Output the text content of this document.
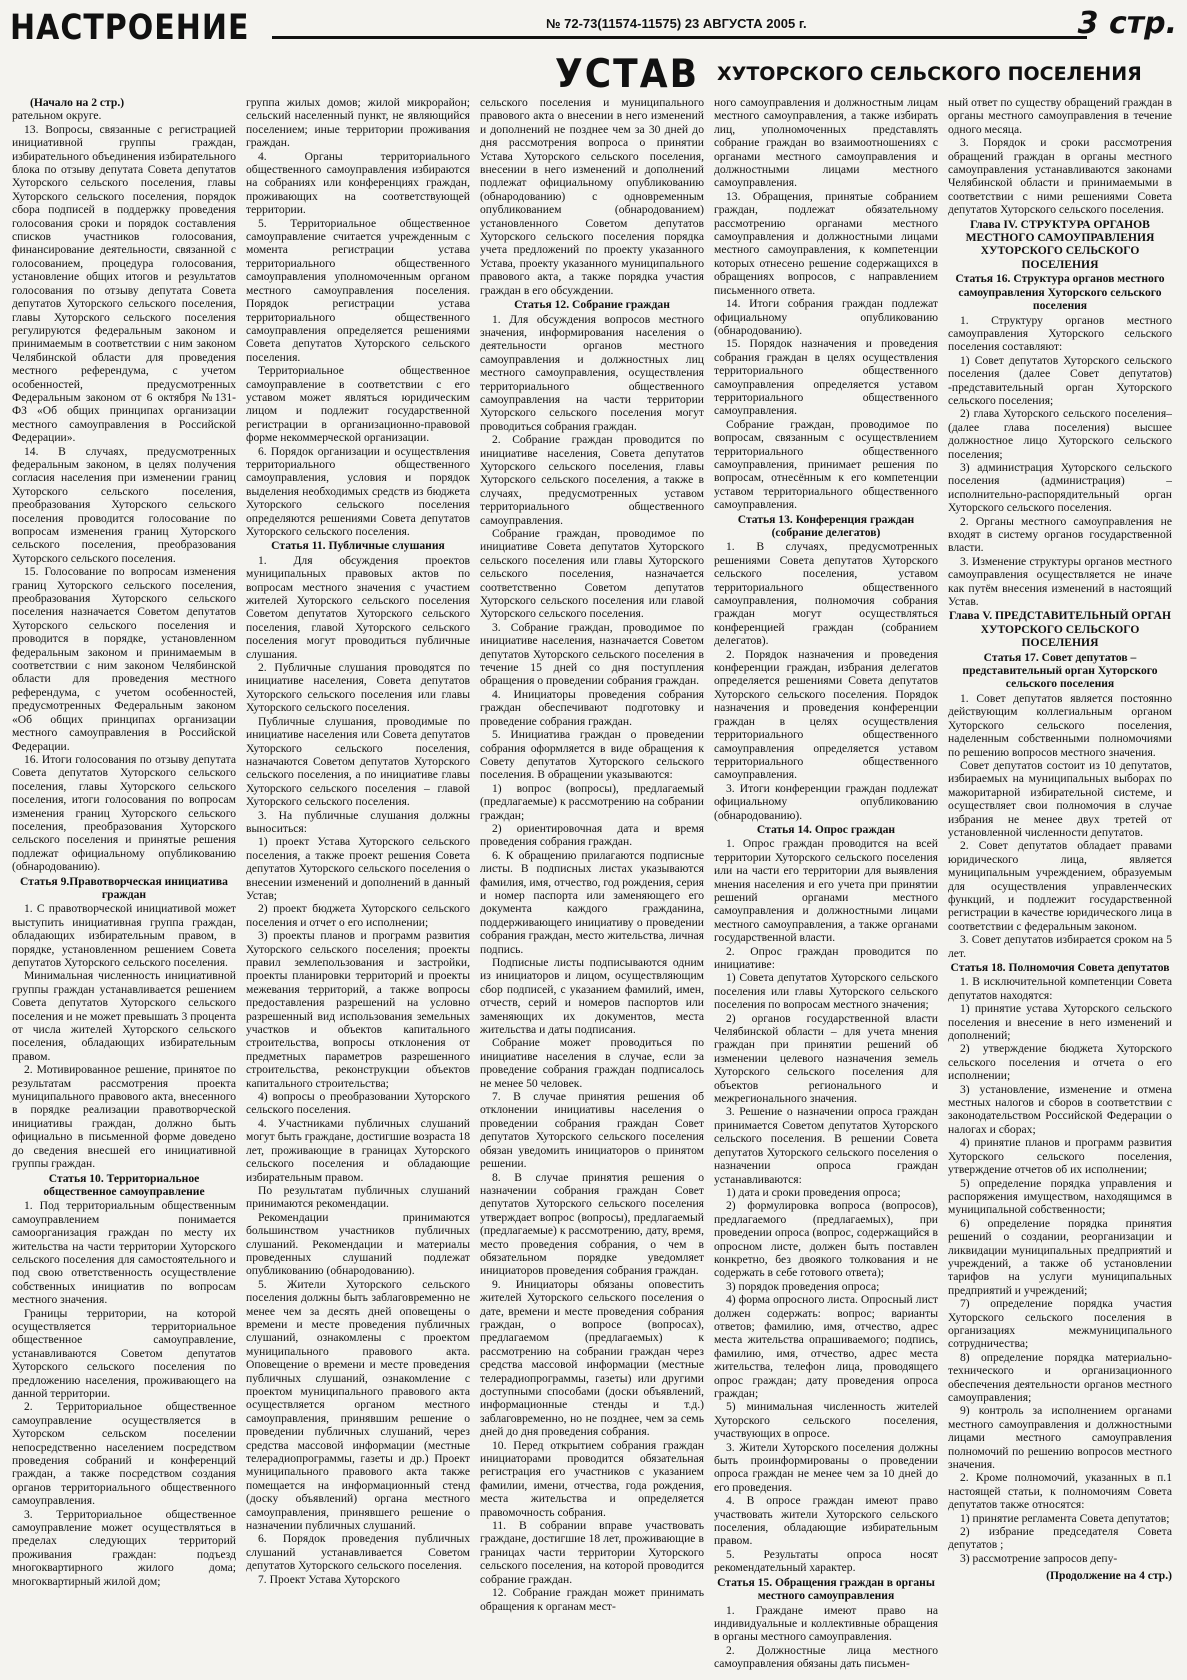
НАСТРОЕНИЕ	№ 72-73(11574-11575) 23 АВГУСТА 2005 г.	3 стр.
УСТАВ ХУТОРСКОГО СЕЛЬСКОГО ПОСЕЛЕНИЯ

(Начало на 2 стр.)

рательном округе.

13. Вопросы, связанные с регистрацией инициативной группы граждан, избирательного объединения избирательного блока по отзыву депутата Совета депутатов Хуторского сельского поселения, главы Хуторского сельского поселения, порядок сбора подписей в поддержку проведения голосования сроки и порядок составления списков участников голосования, финансирование деятельности, связанной с голосованием, процедура голосования, установление общих итогов и результатов голосования по отзыву депутата Совета депутатов Хуторского сельского поселения, главы Хуторского сельского поселения регулируются федеральным законом и принимаемым в соответствии с ним законом Челябинской области для проведения местного референдума, с учетом особенностей, предусмотренных Федеральным законом от 6 октября №131-ФЗ «Об общих принципах организации местного самоуправления в Российской Федерации».

14. В случаях, предусмотренных федеральным законом, в целях получения согласия населения при изменении границ Хуторского сельского поселения, преобразования Хуторского сельского поселения проводится голосование по вопросам изменения границ Хуторского сельского поселения, преобразования Хуторского сельского поселения.

15. Голосование по вопросам изменения границ Хуторского сельского поселения, преобразования Хуторского сельского поселения назначается Советом депутатов Хуторского сельского поселения и проводится в порядке, установленном федеральным законом и принимаемым в соответствии с ним законом Челябинской области для проведения местного референдума, с учетом особенностей, предусмотренных Федеральным законом «Об общих принципах организации местного самоуправления в Российской Федерации.

16. Итоги голосования по отзыву депутата Совета депутатов Хуторского сельского поселения, главы Хуторского сельского поселения, итоги голосования по вопросам изменения границ Хуторского сельского поселения, преобразования Хуторского сельского поселения и принятые решения подлежат официальному опубликованию (обнародованию).

Статья 9.Правотворческая инициатива граждан

1. С правотворческой инициативой может выступить инициативная группа граждан, обладающих избирательным правом, в порядке, установленном решением Совета депутатов Хуторского сельского поселения.

Минимальная численность инициативной группы граждан устанавливается решением Совета депутатов Хуторского сельского поселения и не может превышать 3 процента от числа жителей Хуторского сельского поселения, обладающих избирательным правом.

2. Мотивированное решение, принятое по результатам рассмотрения проекта муниципального правового акта, внесенного в порядке реализации правотворческой инициативы граждан, должно быть официально в письменной форме доведено до сведения внесшей его инициативной группы граждан.

Статья 10. Территориальное общественное самоуправление

1. Под территориальным общественным самоуправлением понимается самоорганизация граждан по месту их жительства на части территории Хуторского сельского поселения для самостоятельного и под свою ответственность осуществление собственных инициатив по вопросам местного значения.

Границы территории, на которой осуществляется территориальное общественное самоуправление, устанавливаются Советом депутатов Хуторского сельского поселения по предложению населения, проживающего на данной территории.

2. Территориальное общественное самоуправление осуществляется в Хуторском сельском поселении непосредственно населением посредством проведения собраний и конференций граждан, а также посредством создания органов территориального общественного самоуправления.

3. Территориальное общественное самоуправление может осуществляться в пределах следующих территорий проживания граждан: подъезд многоквартирного жилого дома; многоквартирный жилой дом;

группа жилых домов; жилой микрорайон; сельский населенный пункт, не являющийся поселением; иные территории проживания граждан.

4. Органы территориального общественного самоуправления избираются на собраниях или конференциях граждан, проживающих на соответствующей территории.

5. Территориальное общественное самоуправление считается учрежденным с момента регистрации устава территориального общественного самоуправления уполномоченным органом местного самоуправления поселения. Порядок регистрации устава территориального общественного самоуправления определяется решениями Совета депутатов Хуторского сельского поселения.

Территориальное общественное самоуправление в соответствии с его уставом может являться юридическим лицом и подлежит государственной регистрации в организационно-правовой форме некоммерческой организации.

6. Порядок организации и осуществления территориального общественного самоуправления, условия и порядок выделения необходимых средств из бюджета Хуторского сельского поселения определяются решениями Совета депутатов Хуторского сельского поселения.

Статья 11. Публичные слушания

1. Для обсуждения проектов муниципальных правовых актов по вопросам местного значения с участием жителей Хуторского сельского поселения Советом депутатов Хуторского сельского поселения, главой Хуторского сельского поселения могут проводиться публичные слушания.

2. Публичные слушания проводятся по инициативе населения, Совета депутатов Хуторского сельского поселения или главы Хуторского сельского поселения.

Публичные слушания, проводимые по инициативе населения или Совета депутатов Хуторского сельского поселения, назначаются Советом депутатов Хуторского сельского поселения, а по инициативе главы Хуторского сельского поселения – главой Хуторского сельского поселения.

3. На публичные слушания должны выноситься:

1) проект Устава Хуторского сельского поселения, а также проект решения Совета депутатов Хуторского сельского поселения о внесении изменений и дополнений в данный Устав;

2) проект бюджета Хуторского сельского поселения и отчет о его исполнении;

3) проекты планов и программ развития Хуторского сельского поселения; проекты правил землепользования и застройки, проекты планировки территорий и проекты межевания территорий, а также вопросы предоставления разрешений на условно разрешенный вид использования земельных участков и объектов капитального строительства, вопросы отклонения от предметных параметров разрешенного строительства, реконструкции объектов капитального строительства;

4) вопросы о преобразовании Хуторского сельского поселения.

4. Участниками публичных слушаний могут быть граждане, достигшие возраста 18 лет, проживающие в границах Хуторского сельского поселения и обладающие избирательным правом.

По результатам публичных слушаний принимаются рекомендации.

Рекомендации принимаются большинством участников публичных слушаний. Рекомендации и материалы проведенных слушаний подлежат опубликованию (обнародованию).

5. Жители Хуторского сельского поселения должны быть заблаговременно не менее чем за десять дней оповещены о времени и месте проведения публичных слушаний, ознакомлены с проектом муниципального правового акта. Оповещение о времени и месте проведения публичных слушаний, ознакомление с проектом муниципального правового акта осуществляется органом местного самоуправления, принявшим решение о проведении публичных слушаний, через средства массовой информации (местные телерадиопрограммы, газеты и др.) Проект муниципального правового акта также помещается на информационный стенд (доску объявлений) органа местного самоуправления, принявшего решение о назначении публичных слушаний.

6. Порядок проведения публичных слушаний устанавливается Советом депутатов Хуторского сельского поселения.

7. Проект Устава Хуторского

сельского поселения и муниципального правового акта о внесении в него изменений и дополнений не позднее чем за 30 дней до дня рассмотрения вопроса о принятии Устава Хуторского сельского поселения, внесении в него изменений и дополнений подлежат официальному опубликованию (обнародованию) с одновременным опубликованием (обнародованием) установленного Советом депутатов Хуторского сельского поселения порядка учета предложений по проекту указанного Устава, проекту указанного муниципального правового акта, а также порядка участия граждан в его обсуждении.

Статья 12. Собрание граждан

1. Для обсуждения вопросов местного значения, информирования населения о деятельности органов местного самоуправления и должностных лиц местного самоуправления, осуществления территориального общественного самоуправления на части территории Хуторского сельского поселения могут проводиться собрания граждан.

2. Собрание граждан проводится по инициативе населения, Совета депутатов Хуторского сельского поселения, главы Хуторского сельского поселения, а также в случаях, предусмотренных уставом территориального общественного самоуправления.

Собрание граждан, проводимое по инициативе Совета депутатов Хуторского сельского поселения или главы Хуторского сельского поселения, назначается соответственно Советом депутатов Хуторского сельского поселения или главой Хуторского сельского поселения.

3. Собрание граждан, проводимое по инициативе населения, назначается Советом депутатов Хуторского сельского поселения в течение 15 дней со дня поступления обращения о проведении собрания граждан.

4. Инициаторы проведения собрания граждан обеспечивают подготовку и проведение собрания граждан.

5. Инициатива граждан о проведении собрания оформляется в виде обращения к Совету депутатов Хуторского сельского поселения. В обращении указываются:

1) вопрос (вопросы), предлагаемый (предлагаемые) к рассмотрению на собрании граждан;

2) ориентировочная дата и время проведения собрания граждан.

6. К обращению прилагаются подписные листы. В подписных листах указываются фамилия, имя, отчество, год рождения, серия и номер паспорта или заменяющего его документа каждого гражданина, поддерживающего инициативу о проведении собрания граждан, место жительства, личная подпись.

Подписные листы подписываются одним из инициаторов и лицом, осуществляющим сбор подписей, с указанием фамилий, имен, отчеств, серий и номеров паспортов или заменяющих их документов, места жительства и даты подписания.

Собрание может проводиться по инициативе населения в случае, если за проведение собрания граждан подписалось не менее 50 человек.

7. В случае принятия решения об отклонении инициативы населения о проведении собрания граждан Совет депутатов Хуторского сельского поселения обязан уведомить инициаторов о принятом решении.

8. В случае принятия решения о назначении собрания граждан Совет депутатов Хуторского сельского поселения утверждает вопрос (вопросы), предлагаемый (предлагаемые) к рассмотрению, дату, время, место проведения собрания, о чем в обязательном порядке уведомляет инициаторов проведения собрания граждан.

9. Инициаторы обязаны оповестить жителей Хуторского сельского поселения о дате, времени и месте проведения собрания граждан, о вопросе (вопросах), предлагаемом (предлагаемых) к рассмотрению на собрании граждан через средства массовой информации (местные телерадиопрограммы, газеты) или другими доступными способами (доски объявлений, информационные стенды и т.д.) заблаговременно, но не позднее, чем за семь дней до дня проведения собрания.

10. Перед открытием собрания граждан инициаторами проводится обязательная регистрация его участников с указанием фамилии, имени, отчества, года рождения, места жительства и определяется правомочность собрания.

11. В собрании вправе участвовать граждане, достигшие 18 лет, проживающие в границах части территории Хуторского сельского поселения, на которой проводится собрание граждан.

12. Собрание граждан может принимать обращения к органам мест-

ного самоуправления и должностным лицам местного самоуправления, а также избирать лиц, уполномоченных представлять собрание граждан во взаимоотношениях с органами местного самоуправления и должностными лицами местного самоуправления.

13. Обращения, принятые собранием граждан, подлежат обязательному рассмотрению органами местного самоуправления и должностными лицами местного самоуправления, к компетенции которых отнесено решение содержащихся в обращениях вопросов, с направлением письменного ответа.

14. Итоги собрания граждан подлежат официальному опубликованию (обнародованию).

15. Порядок назначения и проведения собрания граждан в целях осуществления территориального общественного самоуправления определяется уставом территориального общественного самоуправления.

Собрание граждан, проводимое по вопросам, связанным с осуществлением территориального общественного самоуправления, принимает решения по вопросам, отнесённым к его компетенции уставом территориального общественного самоуправления.

Статья 13. Конференция граждан (собрание делегатов)

1. В случаях, предусмотренных решениями Совета депутатов Хуторского сельского поселения, уставом территориального общественного самоуправления, полномочия собрания граждан могут осуществляться конференцией граждан (собранием делегатов).

2. Порядок назначения и проведения конференции граждан, избрания делегатов определяется решениями Совета депутатов Хуторского сельского поселения. Порядок назначения и проведения конференции граждан в целях осуществления территориального общественного самоуправления определяется уставом территориального общественного самоуправления.

3. Итоги конференции граждан подлежат официальному опубликованию (обнародованию).

Статья 14. Опрос граждан

1. Опрос граждан проводится на всей территории Хуторского сельского поселения или на части его территории для выявления мнения населения и его учета при принятии решений органами местного самоуправления и должностными лицами местного самоуправления, а также органами государственной власти.

2. Опрос граждан проводится по инициативе:

1) Совета депутатов Хуторского сельского поселения или главы Хуторского сельского поселения по вопросам местного значения;

2) органов государственной власти Челябинской области – для учета мнения граждан при принятии решений об изменении целевого назначения земель Хуторского сельского поселения для объектов регионального и межрегионального значения.

3. Решение о назначении опроса граждан принимается Советом депутатов Хуторского сельского поселения. В решении Совета депутатов Хуторского сельского поселения о назначении опроса граждан устанавливаются:

1) дата и сроки проведения опроса;

2) формулировка вопроса (вопросов), предлагаемого (предлагаемых), при проведении опроса (вопрос, содержащийся в опросном листе, должен быть поставлен конкретно, без двоякого толкования и не содержать в себе готового ответа);

3) порядок проведения опроса;

4) форма опросного листа. Опросный лист должен содержать: вопрос; варианты ответов; фамилию, имя, отчество, адрес места жительства опрашиваемого; подпись, фамилию, имя, отчество, адрес места жительства, телефон лица, проводящего опрос граждан; дату проведения опроса граждан;

5) минимальная численность жителей Хуторского сельского поселения, участвующих в опросе.

3. Жители Хуторского поселения должны быть проинформированы о проведении опроса граждан не менее чем за 10 дней до его проведения.

4. В опросе граждан имеют право участвовать жители Хуторского сельского поселения, обладающие избирательным правом.

5. Результаты опроса носят рекомендательный характер.

Статья 15. Обращения граждан в органы местного самоуправления

1. Граждане имеют право на индивидуальные и коллективные обращения в органы местного самоуправления.

2. Должностные лица местного самоуправления обязаны дать письмен-

ный ответ по существу обращений граждан в органы местного самоуправления в течение одного месяца.

3. Порядок и сроки рассмотрения обращений граждан в органы местного самоуправления устанавливаются законами Челябинской области и принимаемыми в соответствии с ними решениями Совета депутатов Хуторского сельского поселения.

Глава IV. СТРУКТУРА ОРГАНОВ МЕСТНОГО САМОУПРАВЛЕНИЯ ХУТОРСКОГО СЕЛЬСКОГО ПОСЕЛЕНИЯ

Статья 16. Структура органов местного самоуправления Хуторского сельского поселения

1. Структуру органов местного самоуправления Хуторского сельского поселения составляют:

1) Совет депутатов Хуторского сельского поселения (далее Совет депутатов) -представительный орган Хуторского сельского поселения;

2) глава Хуторского сельского поселения–(далее глава поселения) высшее должностное лицо Хуторского сельского поселения;

3) администрация Хуторского сельского поселения (администрация) – исполнительно-распорядительный орган Хуторского сельского поселения.

2. Органы местного самоуправления не входят в систему органов государственной власти.

3. Изменение структуры органов местного самоуправления осуществляется не иначе как путём внесения изменений в настоящий Устав.

Глава V. ПРЕДСТАВИТЕЛЬНЫЙ ОРГАН ХУТОРСКОГО СЕЛЬСКОГО ПОСЕЛЕНИЯ

Статья 17. Совет депутатов – представительный орган Хуторского сельского поселения

1. Совет депутатов является постоянно действующим коллегиальным органом Хуторского сельского поселения, наделенным собственными полномочиями по решению вопросов местного значения.

Совет депутатов состоит из 10 депутатов, избираемых на муниципальных выборах по мажоритарной избирательной системе, и осуществляет свои полномочия в случае избрания не менее двух третей от установленной численности депутатов.

2. Совет депутатов обладает правами юридического лица, является муниципальным учреждением, образуемым для осуществления управленческих функций, и подлежит государственной регистрации в качестве юридического лица в соответствии с федеральным законом.

3. Совет депутатов избирается сроком на 5 лет.

Статья 18. Полномочия Совета депутатов

1. В исключительной компетенции Совета депутатов находятся:

1) принятие устава Хуторского сельского поселения и внесение в него изменений и дополнений;

2) утверждение бюджета Хуторского сельского поселения и отчета о его исполнении;

3) установление, изменение и отмена местных налогов и сборов в соответствии с законодательством Российской Федерации о налогах и сборах;

4) принятие планов и программ развития Хуторского сельского поселения, утверждение отчетов об их исполнении;

5) определение порядка управления и распоряжения имуществом, находящимся в муниципальной собственности;

6) определение порядка принятия решений о создании, реорганизации и ликвидации муниципальных предприятий и учреждений, а также об установлении тарифов на услуги муниципальных предприятий и учреждений;

7) определение порядка участия Хуторского сельского поселения в организациях межмуниципального сотрудничества;

8) определение порядка материально-технического и организационного обеспечения деятельности органов местного самоуправления;

9) контроль за исполнением органами местного самоуправления и должностными лицами местного самоуправления полномочий по решению вопросов местного значения.

2. Кроме полномочий, указанных в п.1 настоящей статьи, к полномочиям Совета депутатов также относятся:

1) принятие регламента Совета депутатов;

2) избрание председателя Совета депутатов ;

3) рассмотрение запросов депу-

(Продолжение на 4 стр.)
